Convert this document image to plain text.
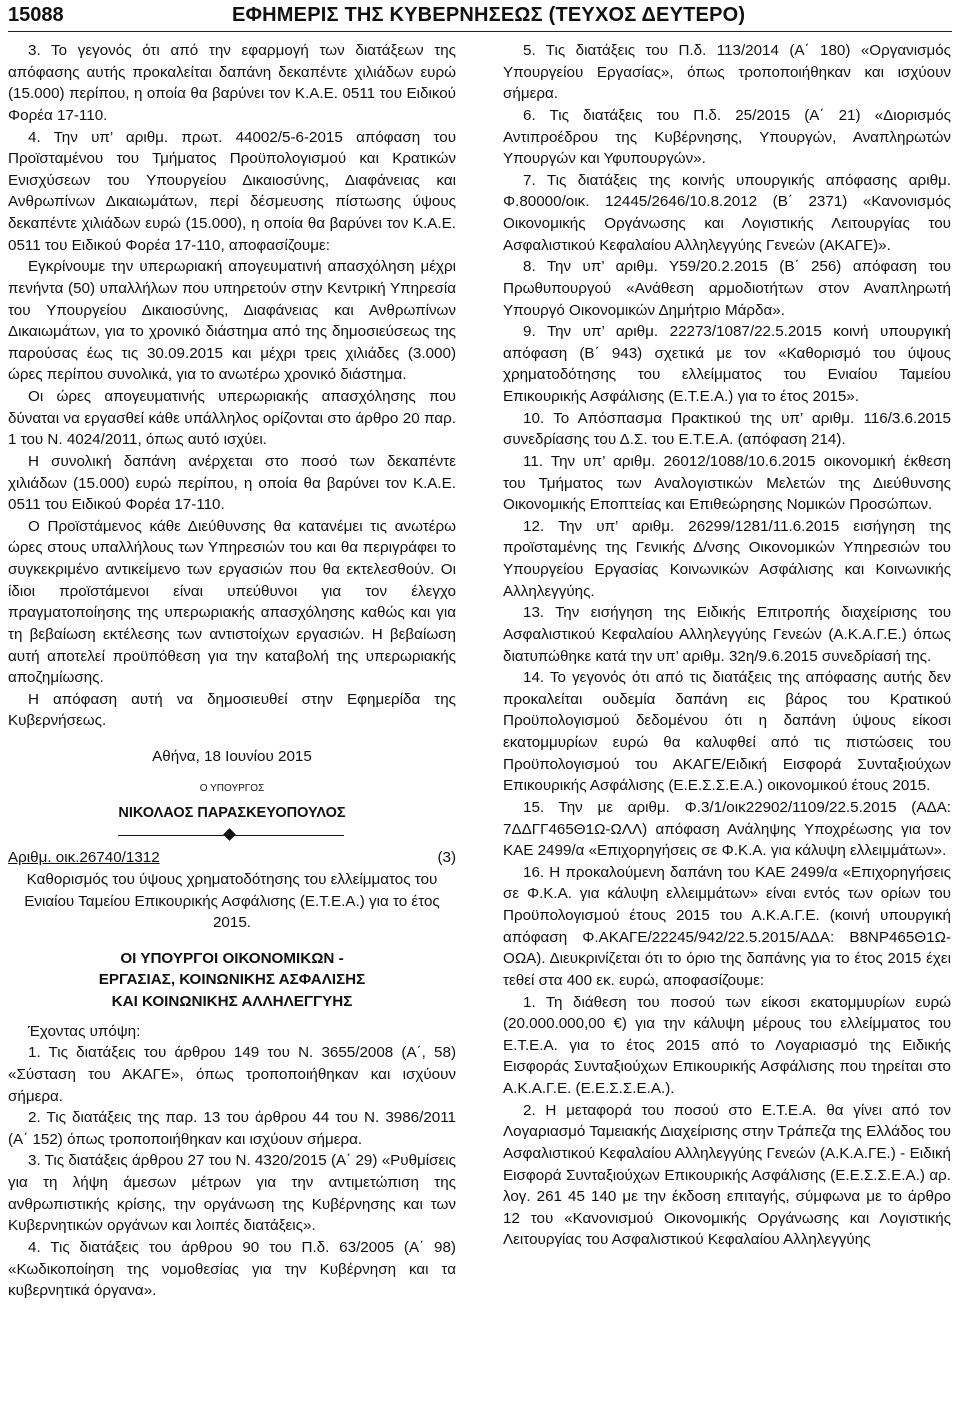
15088	ΕΦΗΜΕΡΙΣ ΤΗΣ ΚΥΒΕΡΝΗΣΕΩΣ (ΤΕΥΧΟΣ ΔΕΥΤΕΡΟ)

3. Το γεγονός ότι από την εφαρμογή των διατάξεων της απόφασης αυτής προκαλείται δαπάνη δεκαπέντε χιλιάδων ευρώ (15.000) περίπου, η οποία θα βαρύνει τον Κ.Α.Ε. 0511 του Ειδικού Φορέα 17-110.

4. Την υπ’ αριθμ. πρωτ. 44002/5-6-2015 απόφαση του Προϊσταμένου του Τμήματος Προϋπολογισμού και Κρατικών Ενισχύσεων του Υπουργείου Δικαιοσύνης, Διαφάνειας και Ανθρωπίνων Δικαιωμάτων, περί δέσμευσης πίστωσης ύψους δεκαπέντε χιλιάδων ευρώ (15.000), η οποία θα βαρύνει τον Κ.Α.Ε. 0511 του Ειδικού Φορέα 17-110, αποφασίζουμε:

Εγκρίνουμε την υπερωριακή απογευματινή απασχόληση μέχρι πενήντα (50) υπαλλήλων που υπηρετούν στην Κεντρική Υπηρεσία του Υπουργείου Δικαιοσύνης, Διαφάνειας και Ανθρωπίνων Δικαιωμάτων, για το χρονικό διάστημα από της δημοσιεύσεως της παρούσας έως τις 30.09.2015 και μέχρι τρεις χιλιάδες (3.000) ώρες περίπου συνολικά, για το ανωτέρω χρονικό διάστημα.

Οι ώρες απογευματινής υπερωριακής απασχόλησης που δύναται να εργασθεί κάθε υπάλληλος ορίζονται στο άρθρο 20 παρ. 1 του Ν. 4024/2011, όπως αυτό ισχύει.

Η συνολική δαπάνη ανέρχεται στο ποσό των δεκαπέντε χιλιάδων (15.000) ευρώ περίπου, η οποία θα βαρύνει τον Κ.Α.Ε. 0511 του Ειδικού Φορέα 17-110.

Ο Προϊστάμενος κάθε Διεύθυνσης θα κατανέμει τις ανωτέρω ώρες στους υπαλλήλους των Υπηρεσιών του και θα περιγράφει το συγκεκριμένο αντικείμενο των εργασιών που θα εκτελεσθούν. Οι ίδιοι προϊστάμενοι είναι υπεύθυνοι για τον έλεγχο πραγματοποίησης της υπερωριακής απασχόλησης καθώς και για τη βεβαίωση εκτέλεσης των αντιστοίχων εργασιών. Η βεβαίωση αυτή αποτελεί προϋπόθεση για την καταβολή της υπερωριακής αποζημίωσης.

Η απόφαση αυτή να δημοσιευθεί στην Εφημερίδα της Κυβερνήσεως.

Αθήνα, 18 Ιουνίου 2015

Ο ΥΠΟΥΡΓΟΣ

ΝΙΚΟΛΑΟΣ ΠΑΡΑΣΚΕΥΟΠΟΥΛΟΣ

Αριθμ. οικ.26740/1312	(3)

Καθορισμός του ύψους χρηματοδότησης του ελλείμματος του Ενιαίου Ταμείου Επικουρικής Ασφάλισης (Ε.Τ.Ε.Α.) για το έτος 2015.

ΟΙ ΥΠΟΥΡΓΟΙ ΟΙΚΟΝΟΜΙΚΩΝ -

ΕΡΓΑΣΙΑΣ, ΚΟΙΝΩΝΙΚΗΣ ΑΣΦΑΛΙΣΗΣ

ΚΑΙ ΚΟΙΝΩΝΙΚΗΣ ΑΛΛΗΛΕΓΓΥΗΣ

Έχοντας υπόψη:

1. Τις διατάξεις του άρθρου 149 του Ν. 3655/2008 (Α΄, 58) «Σύσταση του ΑΚΑΓΕ», όπως τροποποιήθηκαν και ισχύουν σήμερα.

2. Τις διατάξεις της παρ. 13 του άρθρου 44 του Ν. 3986/2011 (Α΄ 152) όπως τροποποιήθηκαν και ισχύουν σήμερα.

3. Τις διατάξεις άρθρου 27 του Ν. 4320/2015 (Α΄ 29) «Ρυθμίσεις για τη λήψη άμεσων μέτρων για την αντιμετώπιση της ανθρωπιστικής κρίσης, την οργάνωση της Κυβέρνησης και των Κυβερνητικών οργάνων και λοιπές διατάξεις».

4. Τις διατάξεις του άρθρου 90 του Π.δ. 63/2005 (Α΄ 98) «Κωδικοποίηση της νομοθεσίας για την Κυβέρνηση και τα κυβερνητικά όργανα».

5. Τις διατάξεις του Π.δ. 113/2014 (Α΄ 180) «Οργανισμός Υπουργείου Εργασίας», όπως τροποποιήθηκαν και ισχύουν σήμερα.

6. Τις διατάξεις του Π.δ. 25/2015 (Α΄ 21) «Διορισμός Αντιπροέδρου της Κυβέρνησης, Υπουργών, Αναπληρωτών Υπουργών και Υφυπουργών».

7. Τις διατάξεις της κοινής υπουργικής απόφασης αριθμ. Φ.80000/οικ. 12445/2646/10.8.2012 (Β΄ 2371) «Κανονισμός Οικονομικής Οργάνωσης και Λογιστικής Λειτουργίας του Ασφαλιστικού Κεφαλαίου Αλληλεγγύης Γενεών (ΑΚΑΓΕ)».

8. Την υπ’ αριθμ. Υ59/20.2.2015 (Β΄ 256) απόφαση του Πρωθυπουργού «Ανάθεση αρμοδιοτήτων στον Αναπληρωτή Υπουργό Οικονομικών Δημήτριο Μάρδα».

9. Την υπ’ αριθμ. 22273/1087/22.5.2015 κοινή υπουργική απόφαση (Β΄ 943) σχετικά με τον «Καθορισμό του ύψους χρηματοδότησης του ελλείμματος του Ενιαίου Ταμείου Επικουρικής Ασφάλισης (Ε.Τ.Ε.Α.) για το έτος 2015».

10. Το Απόσπασμα Πρακτικού της υπ’ αριθμ. 116/3.6.2015 συνεδρίασης του Δ.Σ. του Ε.Τ.Ε.Α. (απόφαση 214).

11. Την υπ’ αριθμ. 26012/1088/10.6.2015 οικονομική έκθεση του Τμήματος των Αναλογιστικών Μελετών της Διεύθυνσης Οικονομικής Εποπτείας και Επιθεώρησης Νομικών Προσώπων.

12. Την υπ’ αριθμ. 26299/1281/11.6.2015 εισήγηση της προϊσταμένης της Γενικής Δ/νσης Οικονομικών Υπηρεσιών του Υπουργείου Εργασίας Κοινωνικών Ασφάλισης και Κοινωνικής Αλληλεγγύης.

13. Την εισήγηση της Ειδικής Επιτροπής διαχείρισης του Ασφαλιστικού Κεφαλαίου Αλληλεγγύης Γενεών (Α.Κ.Α.Γ.Ε.) όπως διατυπώθηκε κατά την υπ’ αριθμ. 32η/9.6.2015 συνεδρίασή της.

14. Το γεγονός ότι από τις διατάξεις της απόφασης αυτής δεν προκαλείται ουδεμία δαπάνη εις βάρος του Κρατικού Προϋπολογισμού δεδομένου ότι η δαπάνη ύψους είκοσι εκατομμυρίων ευρώ θα καλυφθεί από τις πιστώσεις του Προϋπολογισμού του ΑΚΑΓΕ/Ειδική Εισφορά Συνταξιούχων Επικουρικής Ασφάλισης (Ε.Ε.Σ.Σ.Ε.Α.) οικονομικού έτους 2015.

15. Την με αριθμ. Φ.3/1/οικ22902/1109/22.5.2015 (ΑΔΑ: 7ΔΔΓΓ465Θ1Ω-ΩΛΛ) απόφαση Ανάληψης Υποχρέωσης για τον ΚΑΕ 2499/α «Επιχορηγήσεις σε Φ.Κ.Α. για κάλυψη ελλειμμάτων».

16. Η προκαλούμενη δαπάνη του ΚΑΕ 2499/α «Επιχορηγήσεις σε Φ.Κ.Α. για κάλυψη ελλειμμάτων» είναι εντός των ορίων του Προϋπολογισμού έτους 2015 του Α.Κ.Α.Γ.Ε. (κοινή υπουργική απόφαση Φ.ΑΚΑΓΕ/22245/942/22.5.2015/ΑΔΑ: Β8ΝΡ465Θ1Ω-ΟΩΑ). Διευκρινίζεται ότι το όριο της δαπάνης για το έτος 2015 έχει τεθεί στα 400 εκ. ευρώ, αποφασίζουμε:

1. Τη διάθεση του ποσού των είκοσι εκατομμυρίων ευρώ (20.000.000,00 €) για την κάλυψη μέρους του ελλείμματος του Ε.Τ.Ε.Α. για το έτος 2015 από το Λογαριασμό της Ειδικής Εισφοράς Συνταξιούχων Επικουρικής Ασφάλισης που τηρείται στο Α.Κ.Α.Γ.Ε. (Ε.Ε.Σ.Σ.Ε.Α.).

2. Η μεταφορά του ποσού στο Ε.Τ.Ε.Α. θα γίνει από τον Λογαριασμό Ταμειακής Διαχείρισης στην Τράπεζα της Ελλάδος του Ασφαλιστικού Κεφαλαίου Αλληλεγγύης Γενεών (Α.Κ.Α.ΓΕ.) - Ειδική Εισφορά Συνταξιούχων Επικουρικής Ασφάλισης (Ε.Ε.Σ.Σ.Ε.Α.) αρ. λογ. 261 45 140 με την έκδοση επιταγής, σύμφωνα με το άρθρο 12 του «Κανονισμού Οικονομικής Οργάνωσης και Λογιστικής Λειτουργίας του Ασφαλιστικού Κεφαλαίου Αλληλεγγύης
